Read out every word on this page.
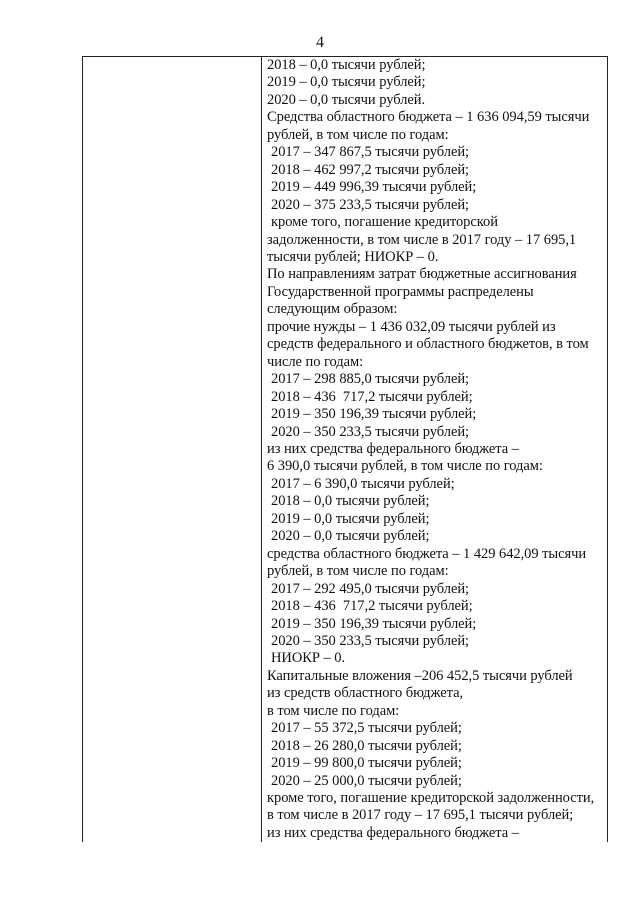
4
2018 – 0,0 тысячи рублей;
2019 – 0,0 тысячи рублей;
2020 – 0,0 тысячи рублей.
Средства областного бюджета – 1 636 094,59 тысячи
рублей, в том числе по годам:
2017 – 347 867,5 тысячи рублей;
2018 – 462 997,2 тысячи рублей;
2019 – 449 996,39 тысячи рублей;
2020 – 375 233,5 тысячи рублей;
кроме того, погашение кредиторской
задолженности, в том числе в 2017 году – 17 695,1
тысячи рублей; НИОКР – 0.
По направлениям затрат бюджетные ассигнования
Государственной программы распределены
следующим образом:
прочие нужды – 1 436 032,09 тысячи рублей из
средств федерального и областного бюджетов, в том
числе по годам:
2017 – 298 885,0 тысячи рублей;
2018 – 436  717,2 тысячи рублей;
2019 – 350 196,39 тысячи рублей;
2020 – 350 233,5 тысячи рублей;
из них средства федерального бюджета –
6 390,0 тысячи рублей, в том числе по годам:
2017 – 6 390,0 тысячи рублей;
2018 – 0,0 тысячи рублей;
2019 – 0,0 тысячи рублей;
2020 – 0,0 тысячи рублей;
средства областного бюджета – 1 429 642,09 тысячи
рублей, в том числе по годам:
2017 – 292 495,0 тысячи рублей;
2018 – 436  717,2 тысячи рублей;
2019 – 350 196,39 тысячи рублей;
2020 – 350 233,5 тысячи рублей;
НИОКР – 0.
Капитальные вложения –206 452,5 тысячи рублей
из средств областного бюджета,
в том числе по годам:
2017 – 55 372,5 тысячи рублей;
2018 – 26 280,0 тысячи рублей;
2019 – 99 800,0 тысячи рублей;
2020 – 25 000,0 тысячи рублей;
кроме того, погашение кредиторской задолженности,
в том числе в 2017 году – 17 695,1 тысячи рублей;
из них средства федерального бюджета –
